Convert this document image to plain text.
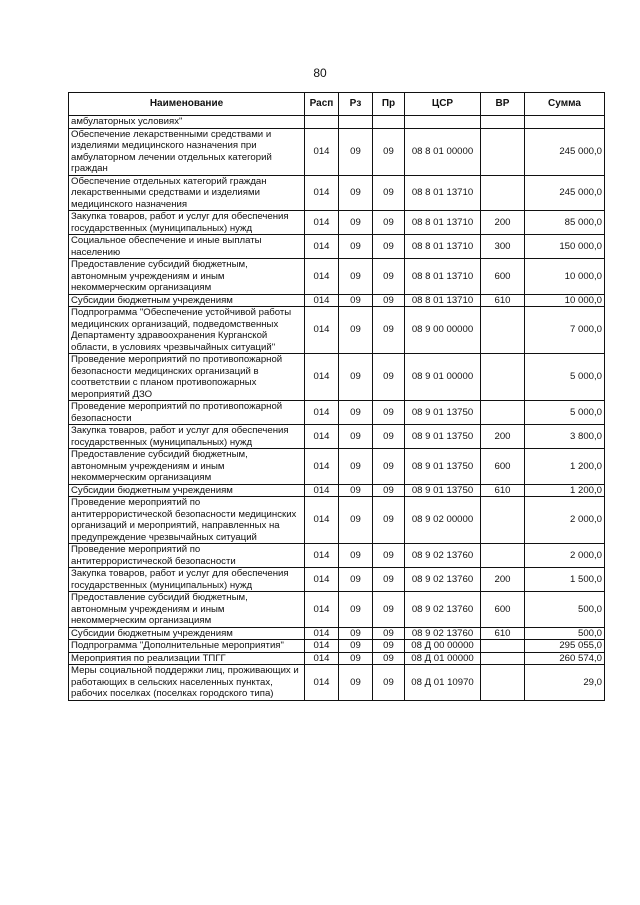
80
Наименование	Расп	Рз	Пр	ЦСР	ВР	Сумма
амбулаторных условиях"						
Обеспечение лекарственными средствами и изделиями медицинского назначения при амбулаторном лечении отдельных категорий граждан	014	09	09	08 8 01 00000		245 000,0
Обеспечение отдельных категорий граждан лекарственными средствами и изделиями медицинского назначения	014	09	09	08 8 01 13710		245 000,0
Закупка товаров, работ и услуг для обеспечения государственных (муниципальных) нужд	014	09	09	08 8 01 13710	200	85 000,0
Социальное обеспечение и иные выплаты населению	014	09	09	08 8 01 13710	300	150 000,0
Предоставление субсидий бюджетным, автономным учреждениям и иным некоммерческим организациям	014	09	09	08 8 01 13710	600	10 000,0
Субсидии бюджетным учреждениям	014	09	09	08 8 01 13710	610	10 000,0
Подпрограмма "Обеспечение устойчивой работы медицинских организаций, подведомственных Департаменту здравоохранения Курганской области, в условиях чрезвычайных ситуаций"	014	09	09	08 9 00 00000		7 000,0
Проведение мероприятий по противопожарной безопасности медицинских организаций в соответствии с планом противопожарных мероприятий ДЗО	014	09	09	08 9 01 00000		5 000,0
Проведение мероприятий по противопожарной безопасности	014	09	09	08 9 01 13750		5 000,0
Закупка товаров, работ и услуг для обеспечения государственных (муниципальных) нужд	014	09	09	08 9 01 13750	200	3 800,0
Предоставление субсидий бюджетным, автономным учреждениям и иным некоммерческим организациям	014	09	09	08 9 01 13750	600	1 200,0
Субсидии бюджетным учреждениям	014	09	09	08 9 01 13750	610	1 200,0
Проведение мероприятий по антитеррористической безопасности медицинских организаций и мероприятий, направленных на предупреждение чрезвычайных ситуаций	014	09	09	08 9 02 00000		2 000,0
Проведение мероприятий по антитеррористической безопасности	014	09	09	08 9 02 13760		2 000,0
Закупка товаров, работ и услуг для обеспечения государственных (муниципальных) нужд	014	09	09	08 9 02 13760	200	1 500,0
Предоставление субсидий бюджетным, автономным учреждениям и иным некоммерческим организациям	014	09	09	08 9 02 13760	600	500,0
Субсидии бюджетным учреждениям	014	09	09	08 9 02 13760	610	500,0
Подпрограмма "Дополнительные мероприятия"	014	09	09	08 Д 00 00000		295 055,0
Мероприятия по реализации ТПГГ	014	09	09	08 Д 01 00000		260 574,0
Меры социальной поддержки лиц, проживающих и работающих в сельских населенных пунктах, рабочих поселках (поселках городского типа)	014	09	09	08 Д 01 10970		29,0
